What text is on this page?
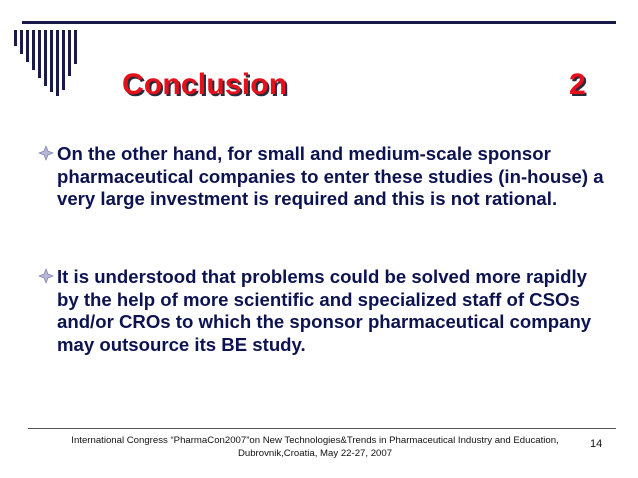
Conclusion	2
On the other hand, for small and medium-scale sponsor pharmaceutical companies to enter these studies (in-house) a very large investment is required and this is not rational.
It is understood that problems could be solved more rapidly by the help of more scientific and specialized staff of CSOs and/or CROs to which the sponsor pharmaceutical company may outsource its BE study.
International Congress “PharmaCon2007”on New Technologies&Trends in Pharmaceutical Industry and Education,
Dubrovnik,Croatia, May 22-27, 2007
14
